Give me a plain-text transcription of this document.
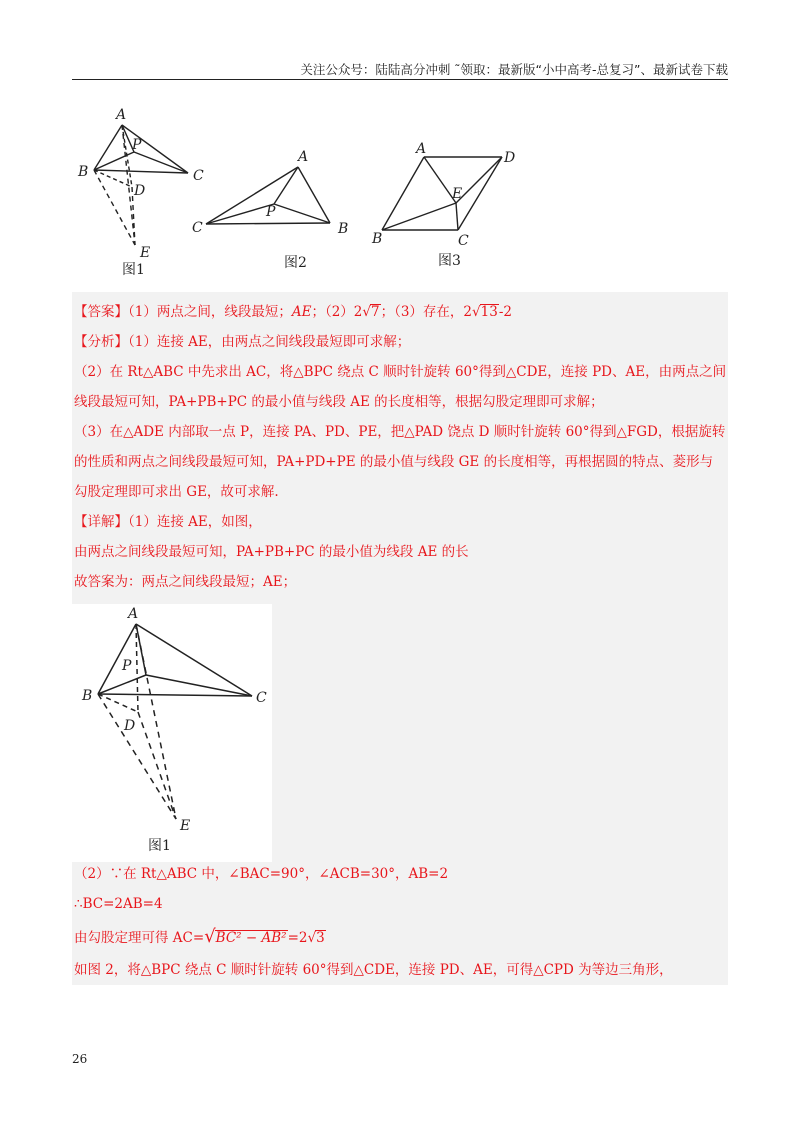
关注公众号：陆陆高分冲刺 ˜领取：最新版“小中高考-总复习”、最新试卷下载
A
P
B	C
D
E
图1
A
C
P
B
图2
A
D
E
B	C
图3
【答案】（1）两点之间，线段最短；AE；（2）2√7；（3）存在，2√13-2
【分析】（1）连接 AE，由两点之间线段最短即可求解；
（2）在 Rt△ABC 中先求出 AC，将△BPC 绕点 C 顺时针旋转 60°得到△CDE，连接 PD、AE，由两点之间
线段最短可知，PA+PB+PC 的最小值与线段 AE 的长度相等，根据勾股定理即可求解；
（3）在△ADE 内部取一点 P，连接 PA、PD、PE，把△PAD 饶点 D 顺时针旋转 60°得到△FGD，根据旋转
的性质和两点之间线段最短可知，PA+PD+PE 的最小值与线段 GE 的长度相等，再根据圆的特点、菱形与
勾股定理即可求出 GE，故可求解.
【详解】（1）连接 AE，如图，
由两点之间线段最短可知，PA+PB+PC 的最小值为线段 AE 的长
故答案为：两点之间线段最短；AE；
A
P
B	C
D
E
图1
（2）∵在 Rt△ABC 中，∠BAC=90°，∠ACB=30°，AB=2
∴BC=2AB=4
由勾股定理可得 AC=√BC² − AB²=2√3
如图 2，将△BPC 绕点 C 顺时针旋转 60°得到△CDE，连接 PD、AE，可得△CPD 为等边三角形，
26
